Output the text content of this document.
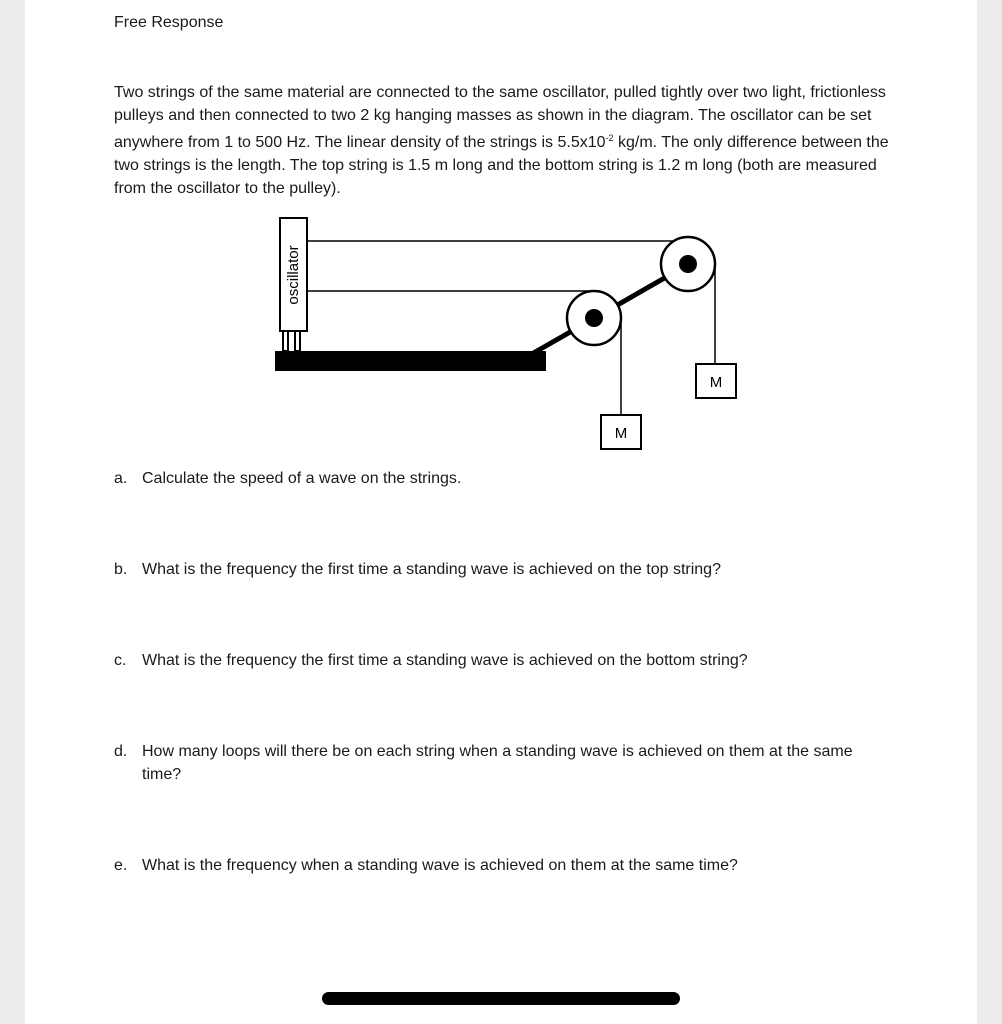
Free Response
Two strings of the same material are connected to the same oscillator, pulled tightly over two light, frictionless pulleys and then connected to two 2 kg hanging masses as shown in the diagram. The oscillator can be set anywhere from 1 to 500 Hz. The linear density of the strings is $5.5x10^{-2}$ kg/m. The only difference between the two strings is the length. The top string is 1.5 m long and the bottom string is 1.2 m long (both are measured from the oscillator to the pulley).
oscillator
M
M
a. Calculate the speed of a wave on the strings.
b. What is the frequency the first time a standing wave is achieved on the top string?
c. What is the frequency the first time a standing wave is achieved on the bottom string?
d. How many loops will there be on each string when a standing wave is achieved on them at the same time?
e. What is the frequency when a standing wave is achieved on them at the same time?
